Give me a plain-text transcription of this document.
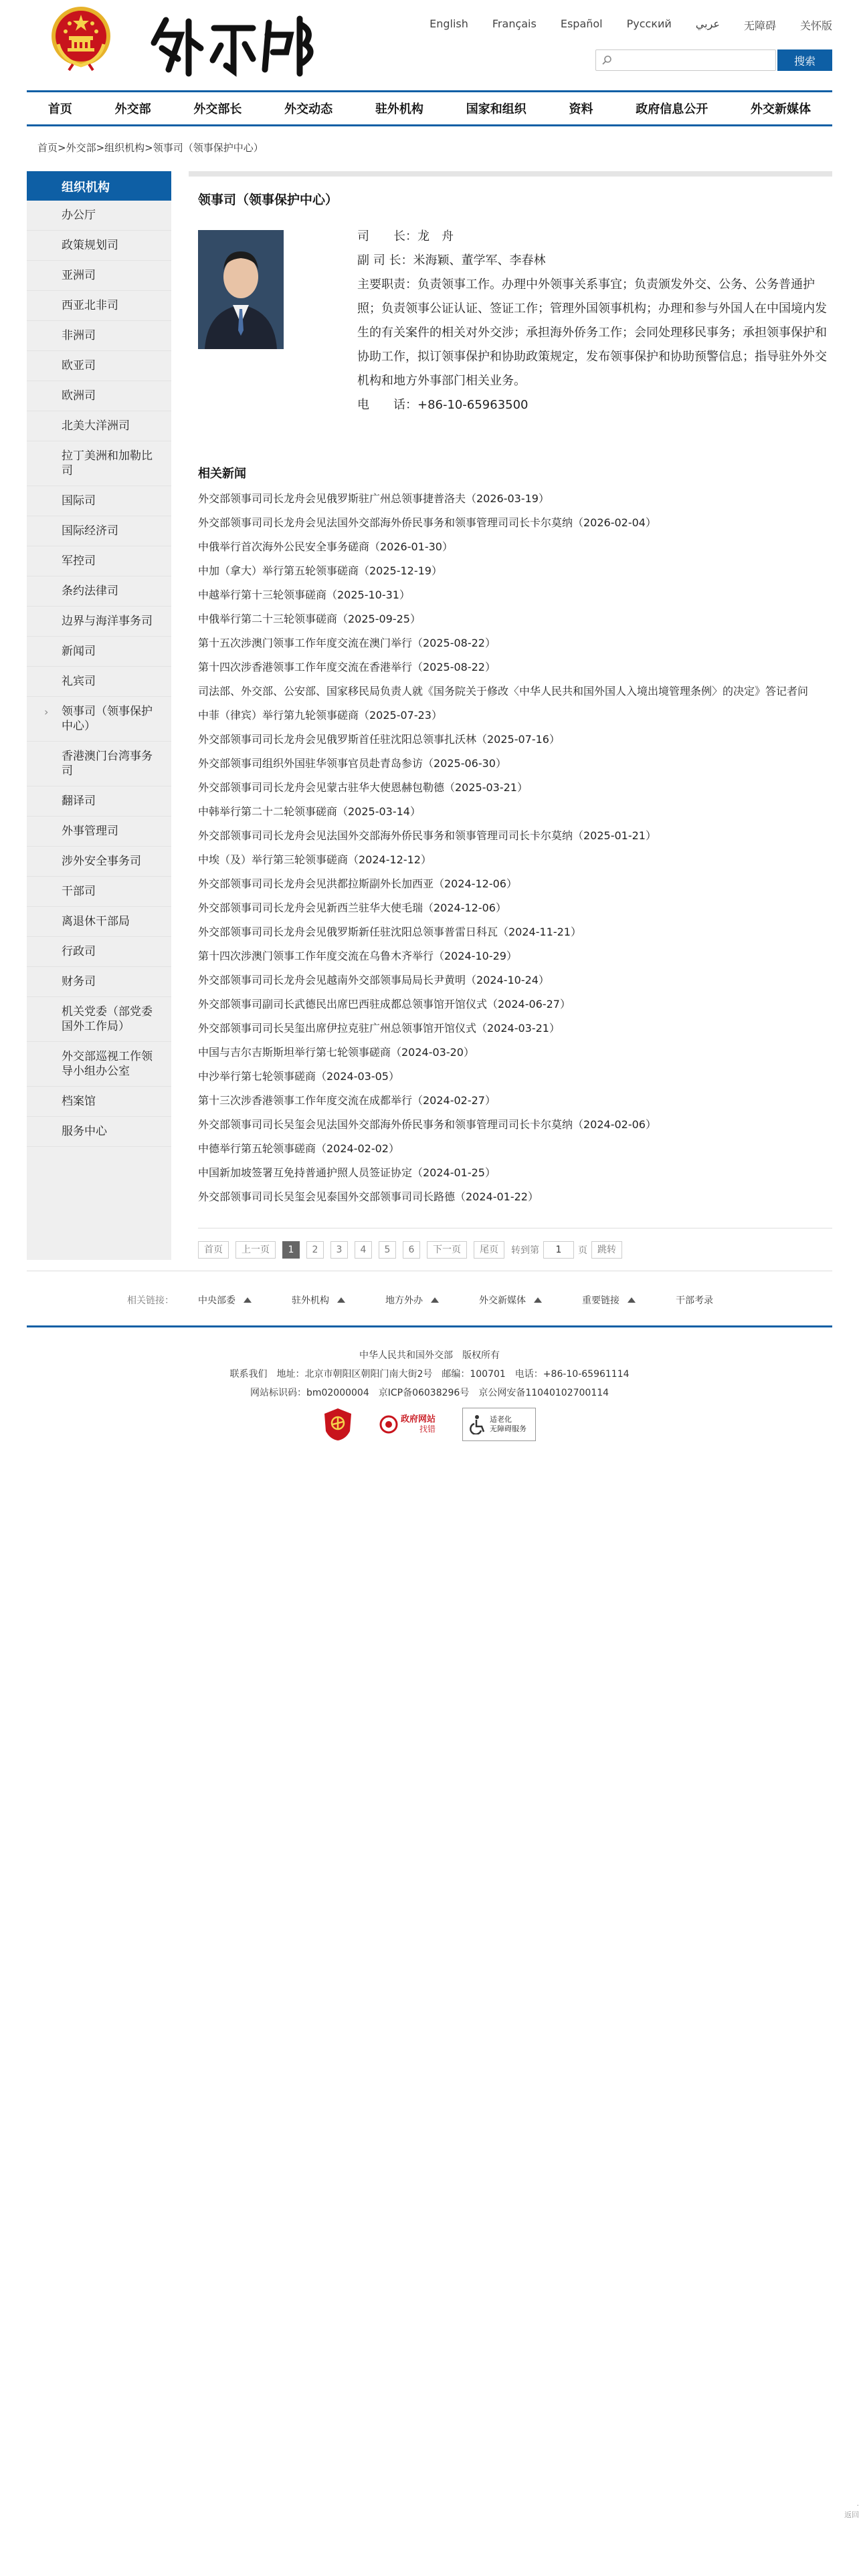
English Français Español Русский عربي 无障碍 关怀版
搜索
首页	外交部	外交部长	外交动态	驻外机构	国家和组织	资料	政府信息公开	外交新媒体
首页>外交部>组织机构>领事司（领事保护中心）
组织机构
办公厅
政策规划司
亚洲司
西亚北非司
非洲司
欧亚司
欧洲司
北美大洋洲司
拉丁美洲和加勒比司
国际司
国际经济司
军控司
条约法律司
边界与海洋事务司
新闻司
礼宾司
› 领事司（领事保护中心）
香港澳门台湾事务司
翻译司
外事管理司
涉外安全事务司
干部司
离退休干部局
行政司
财务司
机关党委（部党委国外工作局）
外交部巡视工作领导小组办公室
档案馆
服务中心
领事司（领事保护中心）

司　　长：龙　舟

副 司 长：米海颖、董学军、李春林

主要职责：负责领事工作。办理中外领事关系事宜；负责颁发外交、公务、公务普通护照；负责领事公证认证、签证工作；管理外国领事机构；办理和参与外国人在中国境内发生的有关案件的相关对外交涉；承担海外侨务工作；会同处理移民事务；承担领事保护和协助工作，拟订领事保护和协助政策规定，发布领事保护和协助预警信息；指导驻外外交机构和地方外事部门相关业务。

电　　话：+86-10-65963500

相关新闻
外交部领事司司长龙舟会见俄罗斯驻广州总领事捷普洛夫（2026-03-19）
外交部领事司司长龙舟会见法国外交部海外侨民事务和领事管理司司长卡尔莫纳（2026-02-04）
中俄举行首次海外公民安全事务磋商（2026-01-30）
中加（拿大）举行第五轮领事磋商（2025-12-19）
中越举行第十三轮领事磋商（2025-10-31）
中俄举行第二十三轮领事磋商（2025-09-25）
第十五次涉澳门领事工作年度交流在澳门举行（2025-08-22）
第十四次涉香港领事工作年度交流在香港举行（2025-08-22）
司法部、外交部、公安部、国家移民局负责人就《国务院关于修改〈中华人民共和国外国人入境出境管理条例〉的决定》答记者问
中菲（律宾）举行第九轮领事磋商（2025-07-23）
外交部领事司司长龙舟会见俄罗斯首任驻沈阳总领事扎沃林（2025-07-16）
外交部领事司组织外国驻华领事官员赴青岛参访（2025-06-30）
外交部领事司司长龙舟会见蒙古驻华大使恩赫包勒德（2025-03-21）
中韩举行第二十二轮领事磋商（2025-03-14）
外交部领事司司长龙舟会见法国外交部海外侨民事务和领事管理司司长卡尔莫纳（2025-01-21）
中埃（及）举行第三轮领事磋商（2024-12-12）
外交部领事司司长龙舟会见洪都拉斯副外长加西亚（2024-12-06）
外交部领事司司长龙舟会见新西兰驻华大使毛瑞（2024-12-06）
外交部领事司司长龙舟会见俄罗斯新任驻沈阳总领事普雷日科瓦（2024-11-21）
第十四次涉澳门领事工作年度交流在乌鲁木齐举行（2024-10-29）
外交部领事司司长龙舟会见越南外交部领事局局长尹黄明（2024-10-24）
外交部领事司副司长武德民出席巴西驻成都总领事馆开馆仪式（2024-06-27）
外交部领事司司长吴玺出席伊拉克驻广州总领事馆开馆仪式（2024-03-21）
中国与吉尔吉斯斯坦举行第七轮领事磋商（2024-03-20）
中沙举行第七轮领事磋商（2024-03-05）
第十三次涉香港领事工作年度交流在成都举行（2024-02-27）
外交部领事司司长吴玺会见法国外交部海外侨民事务和领事管理司司长卡尔莫纳（2024-02-06）
中德举行第五轮领事磋商（2024-02-02）
中国新加坡签署互免持普通护照人员签证协定（2024-01-25）
外交部领事司司长吴玺会见泰国外交部领事司司长路德（2024-01-22）
首页	上一页	1	2	3	4	5	6	下一页	尾页	转到第
1	页	跳转
相关链接：	中央部委	驻外机构	地方外办	外交新媒体	重要链接	干部考录
中华人民共和国外交部　版权所有
联系我们　地址：北京市朝阳区朝阳门南大街2号　邮编：100701　电话：+86-10-65961114
网站标识码：bm02000004　京ICP备06038296号　京公网安备11040102700114
政府网站
找错
适老化
无障碍服务
·
返回
